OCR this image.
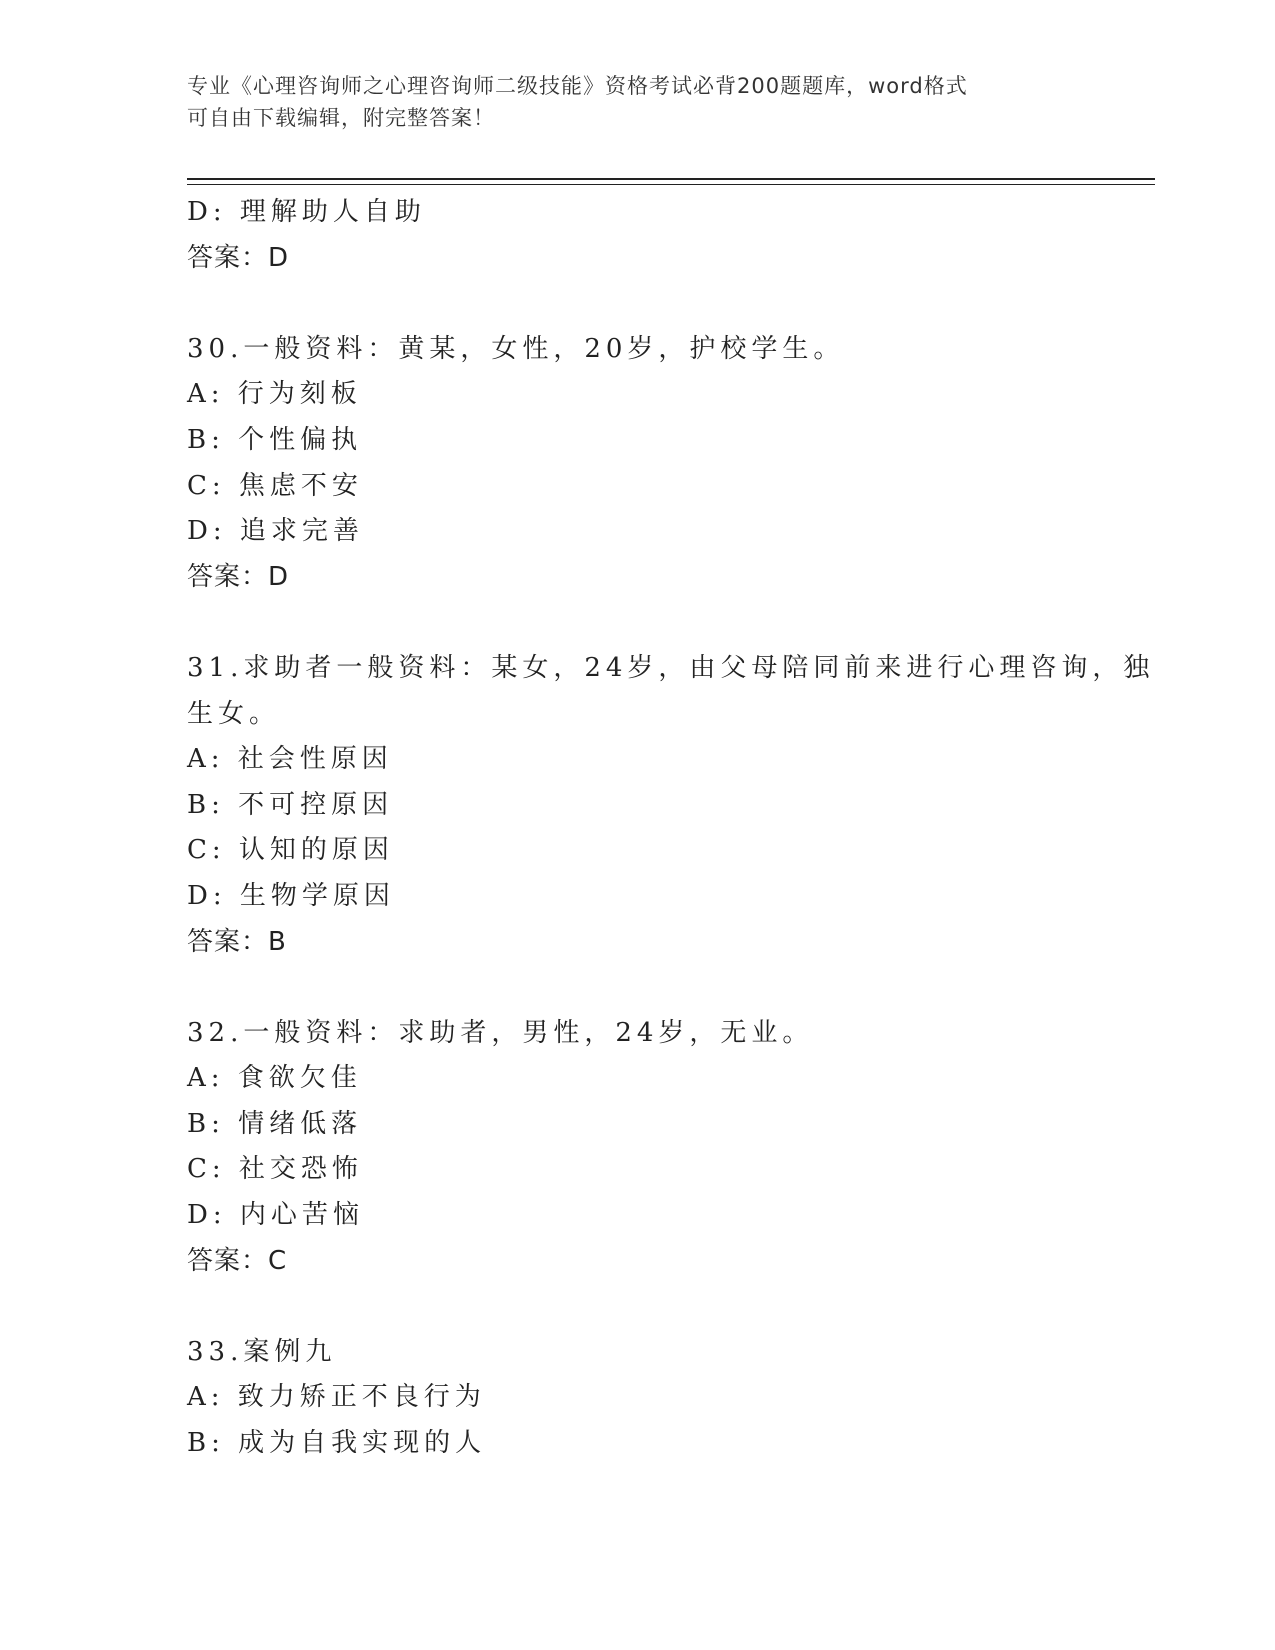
专业《心理咨询师之心理咨询师二级技能》资格考试必背200题题库，word格式
可自由下载编辑，附完整答案！
D: 理解助人自助
答案：D
30.一般资料：黄某，女性，20岁，护校学生。
A: 行为刻板
B: 个性偏执
C: 焦虑不安
D: 追求完善
答案：D
31.求助者一般资料：某女，24岁，由父母陪同前来进行心理咨询，独
生女。
A: 社会性原因
B: 不可控原因
C: 认知的原因
D: 生物学原因
答案：B
32.一般资料：求助者，男性，24岁，无业。
A: 食欲欠佳
B: 情绪低落
C: 社交恐怖
D: 内心苦恼
答案：C
33.案例九
A: 致力矫正不良行为
B: 成为自我实现的人
